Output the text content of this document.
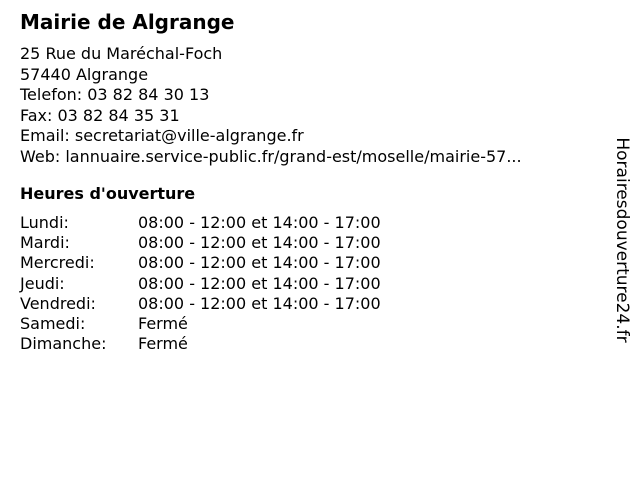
Mairie de Algrange
25 Rue du Maréchal-Foch
57440 Algrange
Telefon: 03 82 84 30 13
Fax: 03 82 84 35 31
Email: secretariat@ville-algrange.fr
Web: lannuaire.service-public.fr/grand-est/moselle/mairie-57...
Heures d'ouverture
Lundi:	08:00 - 12:00 et 14:00 - 17:00
Mardi:	08:00 - 12:00 et 14:00 - 17:00
Mercredi:	08:00 - 12:00 et 14:00 - 17:00
Jeudi:	08:00 - 12:00 et 14:00 - 17:00
Vendredi:	08:00 - 12:00 et 14:00 - 17:00
Samedi:	Fermé
Dimanche:	Fermé
Horairesdouverture24.fr
